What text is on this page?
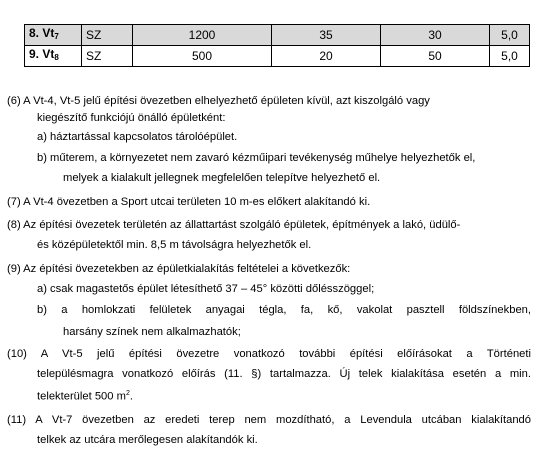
8. $Vt_7$	SZ	1200	35	30	5,0
9. $Vt_8$	SZ	500	20	50	5,0
(6) A Vt-4, Vt-5 jelű építési övezetben elhelyezhető épületen kívül, azt kiszolgáló vagy
kiegészítő funkciójú önálló épületként:
a) háztartással kapcsolatos tárolóépület.
b) műterem, a környezetet nem zavaró kézműipari tevékenység műhelye helyezhetők el,
melyek a kialakult jellegnek megfelelően telepítve helyezhető el.
(7) A Vt-4 övezetben a Sport utcai területen 10 m-es előkert alakítandó ki.
(8) Az építési övezetek területén az állattartást szolgáló épületek, építmények a lakó, üdülő-
és középületektől min. 8,5 m távolságra helyezhetők el.
(9) Az építési övezetekben az épületkialakítás feltételei a következők:
a) csak magastetős épület létesíthető 37 – 45° közötti dőlésszöggel;
b) a homlokzati felületek anyagai téglа, fa, kő, vakolat pasztell földszínekben,
harsány színek nem alkalmazhatók;
(10) A Vt-5 jelű építési övezetre vonatkozó további építési előírásokat a Történeti
településmagra vonatkozó előírás (11. §) tartalmazza. Új telek kialakítása esetén a min.
telekterület 500 $m^2$.
(11) A Vt-7 övezetben az eredeti terep nem mozdítható, a Levendula utcában kialakítandó
telkek az utcára merőlegesen alakítandók ki.
